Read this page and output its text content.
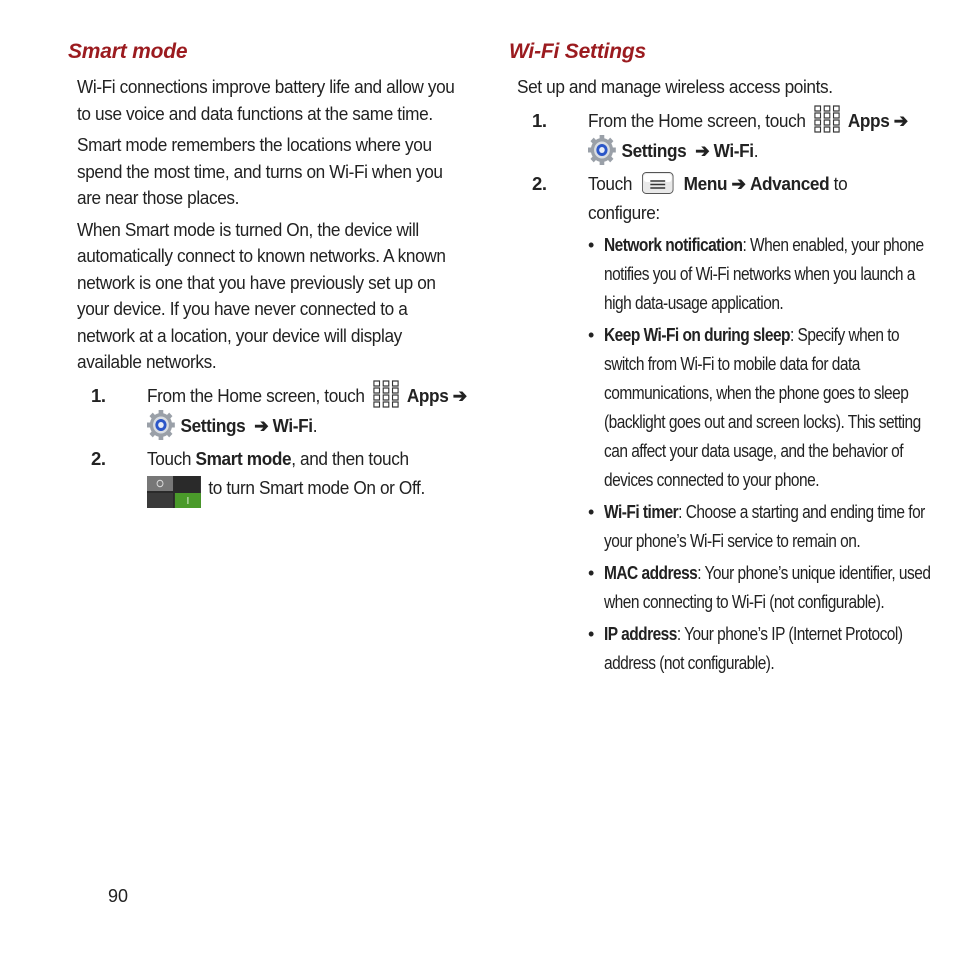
Smart mode

Wi-Fi connections improve battery life and allow you to use voice and data functions at the same time.

Smart mode remembers the locations where you spend the most time, and turns on Wi-Fi when you are near those places.

When Smart mode is turned On, the device will automatically connect to known networks. A known network is one that you have previously set up on your device. If you have never connected to a network at a location, your device will display available networks.

1. From the Home screen, touch Apps ➔
Settings ➔ Wi-Fi.
2. Touch Smart mode, and then touch
to turn Smart mode On or Off.
Wi-Fi Settings

Set up and manage wireless access points.

1. From the Home screen, touch Apps ➔
Settings ➔ Wi-Fi.
2. Touch	Menu ➔ Advanced to configure:
• Network notification: When enabled, your phone notifies you of Wi-Fi networks when you launch a high data-usage application.
• Keep Wi-Fi on during sleep: Specify when to switch from Wi-Fi to mobile data for data communications, when the phone goes to sleep (backlight goes out and screen locks). This setting can affect your data usage, and the behavior of devices connected to your phone.
• Wi-Fi timer: Choose a starting and ending time for your phone’s Wi-Fi service to remain on.
• MAC address: Your phone’s unique identifier, used when connecting to Wi-Fi (not configurable).
• IP address: Your phone’s IP (Internet Protocol) address (not configurable).
90
